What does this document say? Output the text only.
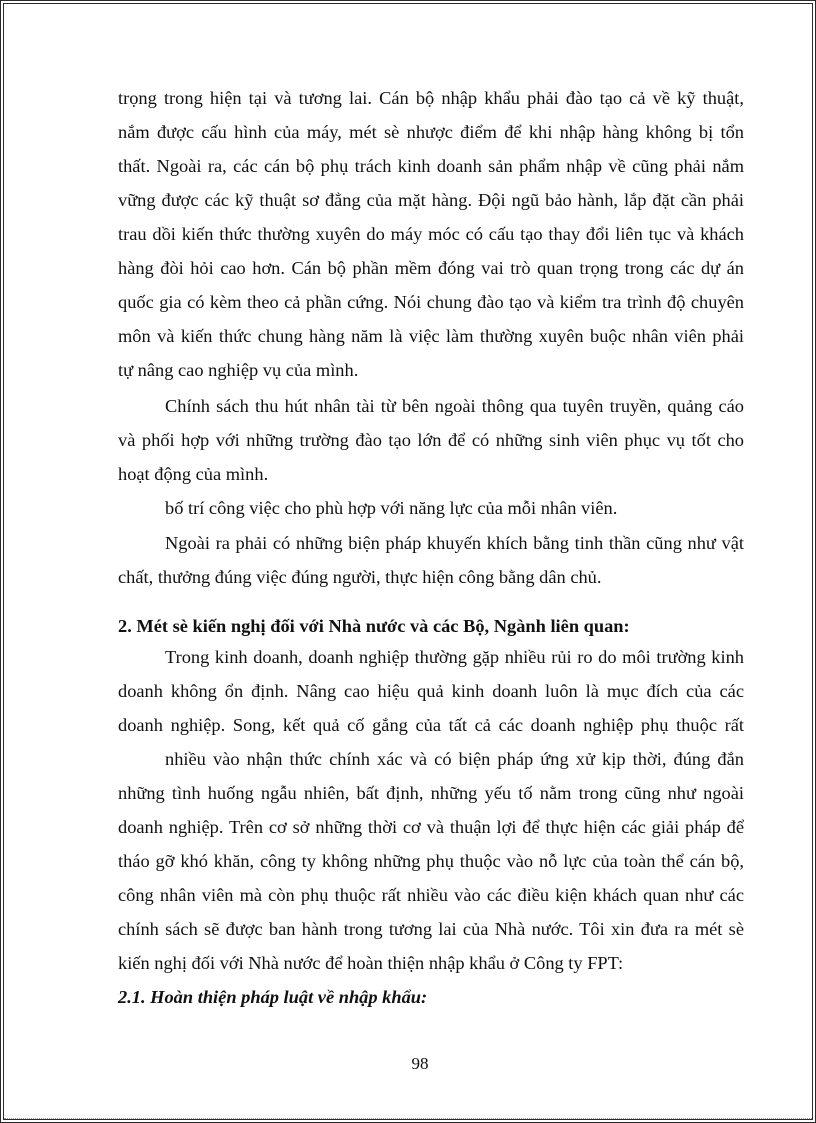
trọng trong hiện tại và tương lai. Cán bộ nhập khẩu phải đào tạo cả về kỹ thuật,
nắm được cấu hình của máy, mét sè nhược điểm để khi nhập hàng không bị tổn
thất. Ngoài ra, các cán bộ phụ trách kinh doanh sản phẩm nhập về cũng phải nắm
vững được các kỹ thuật sơ đẳng của mặt hàng. Đội ngũ bảo hành, lắp đặt cần phải
trau dồi kiến thức thường xuyên do máy móc có cấu tạo thay đổi liên tục và khách
hàng đòi hỏi cao hơn. Cán bộ phần mềm đóng vai trò quan trọng trong các dự án
quốc gia có kèm theo cả phần cứng. Nói chung đào tạo và kiểm tra trình độ chuyên
môn và kiến thức chung hàng năm là việc làm thường xuyên buộc nhân viên phải
tự nâng cao nghiệp vụ của mình.
Chính sách thu hút nhân tài từ bên ngoài thông qua tuyên truyền, quảng cáo
và phối hợp với những trường đào tạo lớn để có những sinh viên phục vụ tốt cho
hoạt động của mình.
bố trí công việc cho phù hợp với năng lực của mỗi nhân viên.
Ngoài ra phải có những biện pháp khuyến khích bằng tinh thần cũng như vật
chất, thưởng đúng việc đúng người, thực hiện công bằng dân chủ.
2. Mét sè kiến nghị đối với Nhà nước và các Bộ, Ngành liên quan:
Trong kinh doanh, doanh nghiệp thường gặp nhiều rủi ro do môi trường kinh
doanh không ổn định. Nâng cao hiệu quả kinh doanh luôn là mục đích của các
doanh nghiệp. Song, kết quả cố gắng của tất cả các doanh nghiệp phụ thuộc rất
nhiều vào nhận thức chính xác và có biện pháp ứng xử kịp thời, đúng đắn
những tình huống ngẫu nhiên, bất định, những yếu tố nằm trong cũng như ngoài
doanh nghiệp. Trên cơ sở những thời cơ và thuận lợi để thực hiện các giải pháp để
tháo gỡ khó khăn, công ty không những phụ thuộc vào nỗ lực của toàn thể cán bộ,
công nhân viên mà còn phụ thuộc rất nhiều vào các điều kiện khách quan như các
chính sách sẽ được ban hành trong tương lai của Nhà nước. Tôi xin đưa ra mét sè
kiến nghị đối với Nhà nước để hoàn thiện nhập khẩu ở Công ty FPT:
2.1. Hoàn thiện pháp luật về nhập khẩu:
98
